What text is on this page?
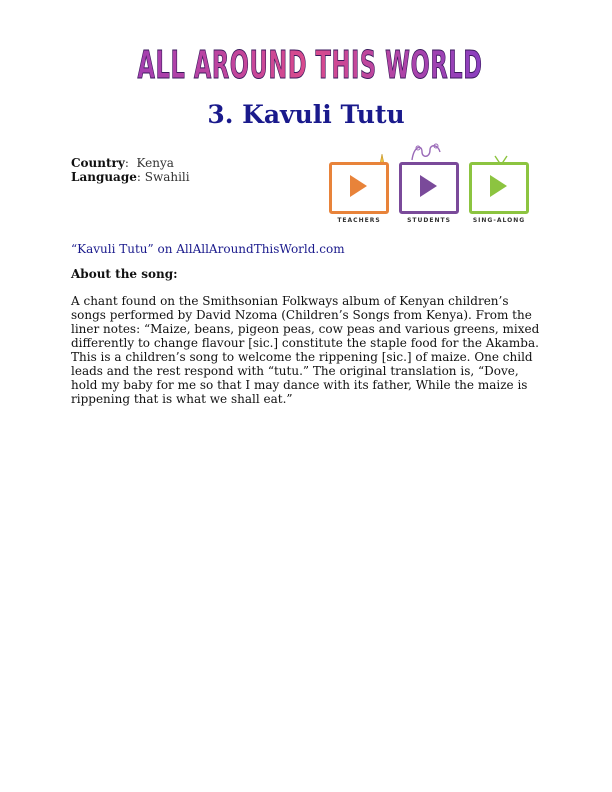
ALL AROUND THIS WORLD
3. Kavuli Tutu
Country:  Kenya
Language: Swahili
TEACHERS	STUDENTS	SING-ALONG
“Kavuli Tutu” on AllAllAroundThisWorld.com
About the song:

A chant found on the Smithsonian Folkways album of Kenyan children’s songs performed by David Nzoma (Children’s Songs from Kenya). From the liner notes: “Maize, beans, pigeon peas, cow peas and various greens, mixed differently to change flavour [sic.] constitute the staple food for the Akamba. This is a children’s song to welcome the rippening [sic.] of maize. One child leads and the rest respond with “tutu.” The original translation is, “Dove, hold my baby for me so that I may dance with its father, While the maize is rippening that is what we shall eat.”
